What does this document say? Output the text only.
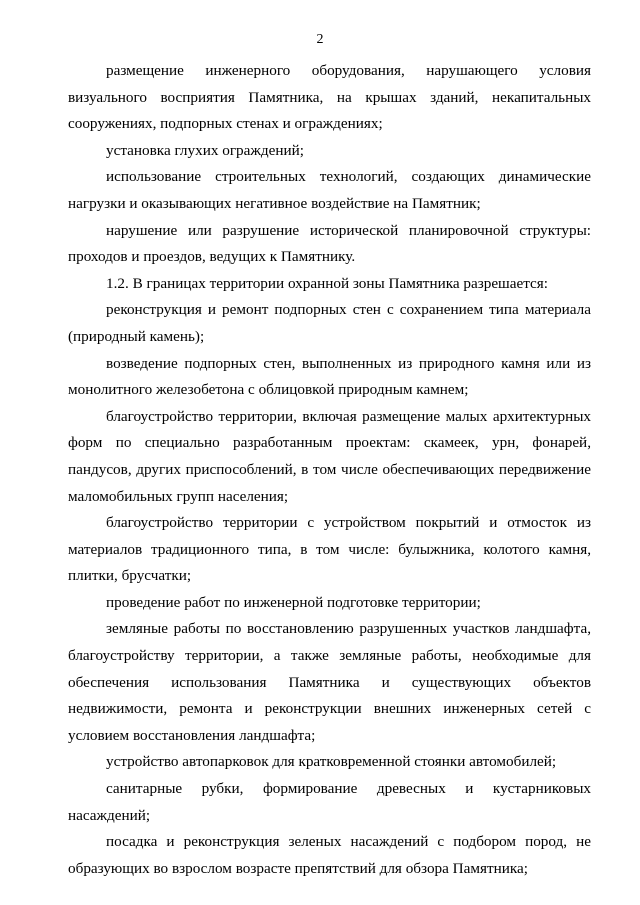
2

размещение инженерного оборудования, нарушающего условия визуального восприятия Памятника, на крышах зданий, некапитальных сооружениях, подпорных стенах и ограждениях;

установка глухих ограждений;

использование строительных технологий, создающих динамические нагрузки и оказывающих негативное воздействие на Памятник;

нарушение или разрушение исторической планировочной структуры: проходов и проездов, ведущих к Памятнику.

1.2. В границах территории охранной зоны Памятника разрешается:

реконструкция и ремонт подпорных стен с сохранением типа материала (природный камень);

возведение подпорных стен, выполненных из природного камня или из монолитного железобетона с облицовкой природным камнем;

благоустройство территории, включая размещение малых архитектурных форм по специально разработанным проектам: скамеек, урн, фонарей, пандусов, других приспособлений, в том числе обеспечивающих передвижение маломобильных групп населения;

благоустройство территории с устройством покрытий и отмосток из материалов традиционного типа, в том числе: булыжника, колотого камня, плитки, брусчатки;

проведение работ по инженерной подготовке территории;

земляные работы по восстановлению разрушенных участков ландшафта, благоустройству территории, а также земляные работы, необходимые для обеспечения использования Памятника и существующих объектов недвижимости, ремонта и реконструкции внешних инженерных сетей с условием восстановления ландшафта;

устройство автопарковок для кратковременной стоянки автомобилей;

санитарные рубки, формирование древесных и кустарниковых насаждений;

посадка и реконструкция зеленых насаждений с подбором пород, не образующих во взрослом возрасте препятствий для обзора Памятника;
